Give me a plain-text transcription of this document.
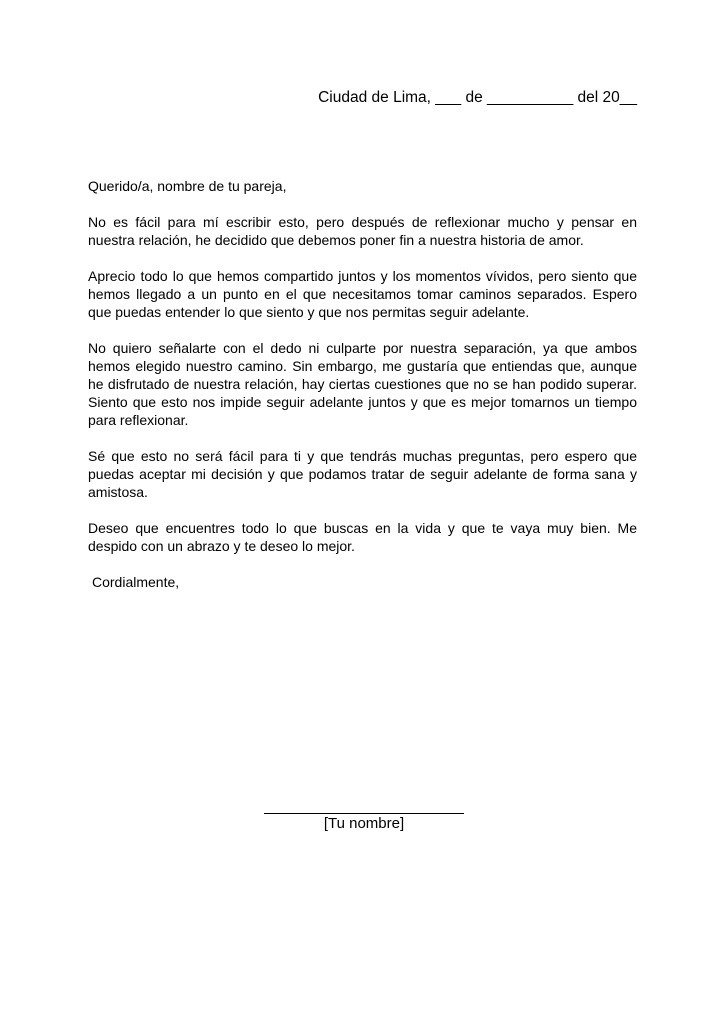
Ciudad de Lima, ___ de __________ del 20__

Querido/a, nombre de tu pareja,

No es fácil para mí escribir esto, pero después de reflexionar mucho y pensar en nuestra relación, he decidido que debemos poner fin a nuestra historia de amor.

Aprecio todo lo que hemos compartido juntos y los momentos vívidos, pero siento que hemos llegado a un punto en el que necesitamos tomar caminos separados. Espero que puedas entender lo que siento y que nos permitas seguir adelante.

No quiero señalarte con el dedo ni culparte por nuestra separación, ya que ambos hemos elegido nuestro camino. Sin embargo, me gustaría que entiendas que, aunque he disfrutado de nuestra relación, hay ciertas cuestiones que no se han podido superar. Siento que esto nos impide seguir adelante juntos y que es mejor tomarnos un tiempo para reflexionar.

Sé que esto no será fácil para ti y que tendrás muchas preguntas, pero espero que puedas aceptar mi decisión y que podamos tratar de seguir adelante de forma sana y amistosa.

Deseo que encuentres todo lo que buscas en la vida y que te vaya muy bien. Me despido con un abrazo y te deseo lo mejor.

Cordialmente,

[Tu nombre]
